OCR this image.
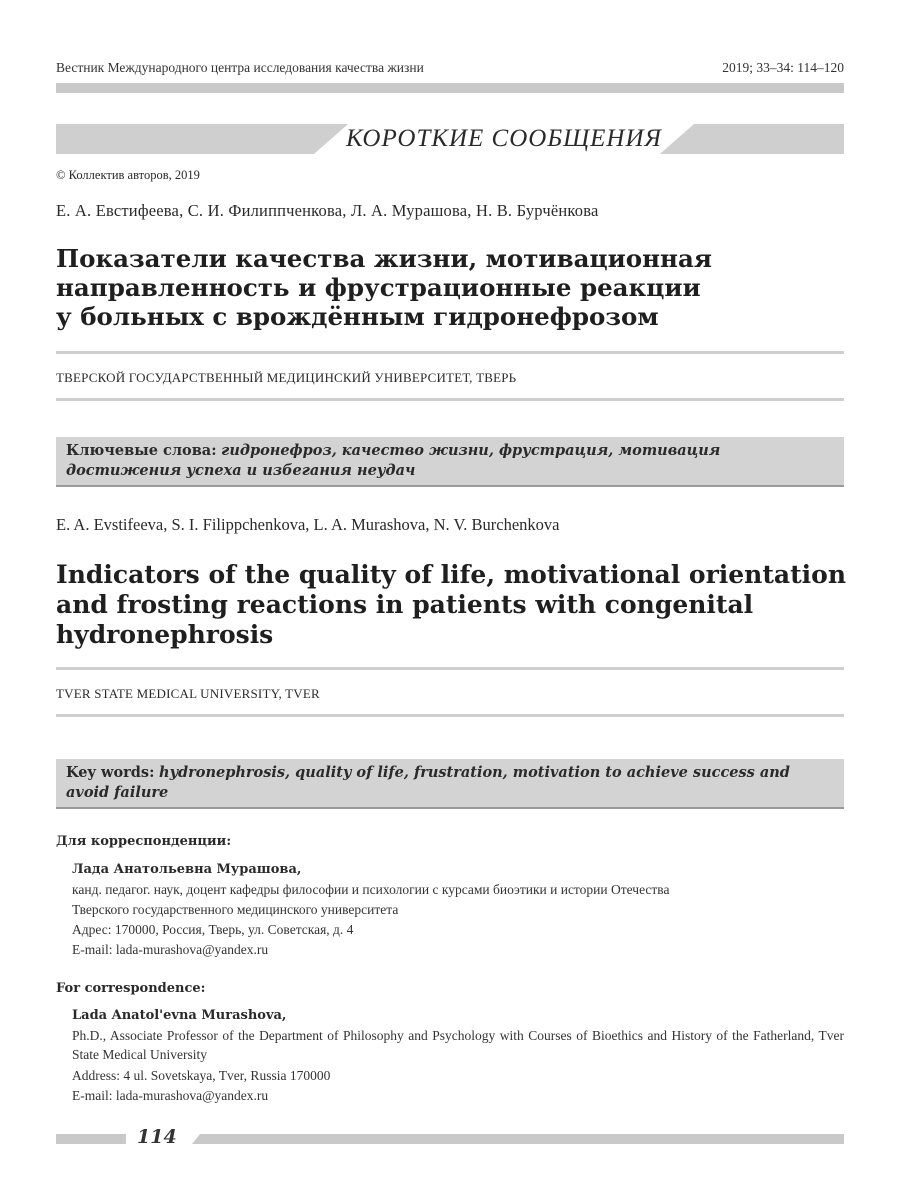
Вестник Международного центра исследования качества жизни	2019; 33–34: 114–120
КОРОТКИЕ СООБЩЕНИЯ
© Коллектив авторов, 2019
Е. А. Евстифеева, С. И. Филиппченкова, Л. А. Мурашова, Н. В. Бурчёнкова
Показатели качества жизни, мотивационная
направленность и фрустрационные реакции
у больных с врождённым гидронефрозом
ТВЕРСКОЙ ГОСУДАРСТВЕННЫЙ МЕДИЦИНСКИЙ УНИВЕРСИТЕТ, ТВЕРЬ
Ключевые слова: гидронефроз, качество жизни, фрустрация, мотивация достижения успеха и избегания неудач
E. A. Evstifeeva, S. I. Filippchenkova, L. A. Murashova, N. V. Burchenkova
Indicators of the quality of life, motivational orientation
and frosting reactions in patients with congenital
hydronephrosis
TVER STATE MEDICAL UNIVERSITY, TVER
Key words: hydronephrosis, quality of life, frustration, motivation to achieve success and avoid failure
Для корреспонденции:
Лада Анатольевна Мурашова,
канд. педагог. наук, доцент кафедры философии и психологии с курсами биоэтики и истории Отечества
Тверского государственного медицинского университета
Адрес: 170000, Россия, Тверь, ул. Советская, д. 4
E-mail: lada-murashova@yandex.ru
For correspondence:
Lada Anatol'evna Murashova,
Ph.D., Associate Professor of the Department of Philosophy and Psychology with Courses of Bioethics and History of the Fatherland, Tver State Medical University
Address: 4 ul. Sovetskaya, Tver, Russia 170000
E-mail: lada-murashova@yandex.ru
114
